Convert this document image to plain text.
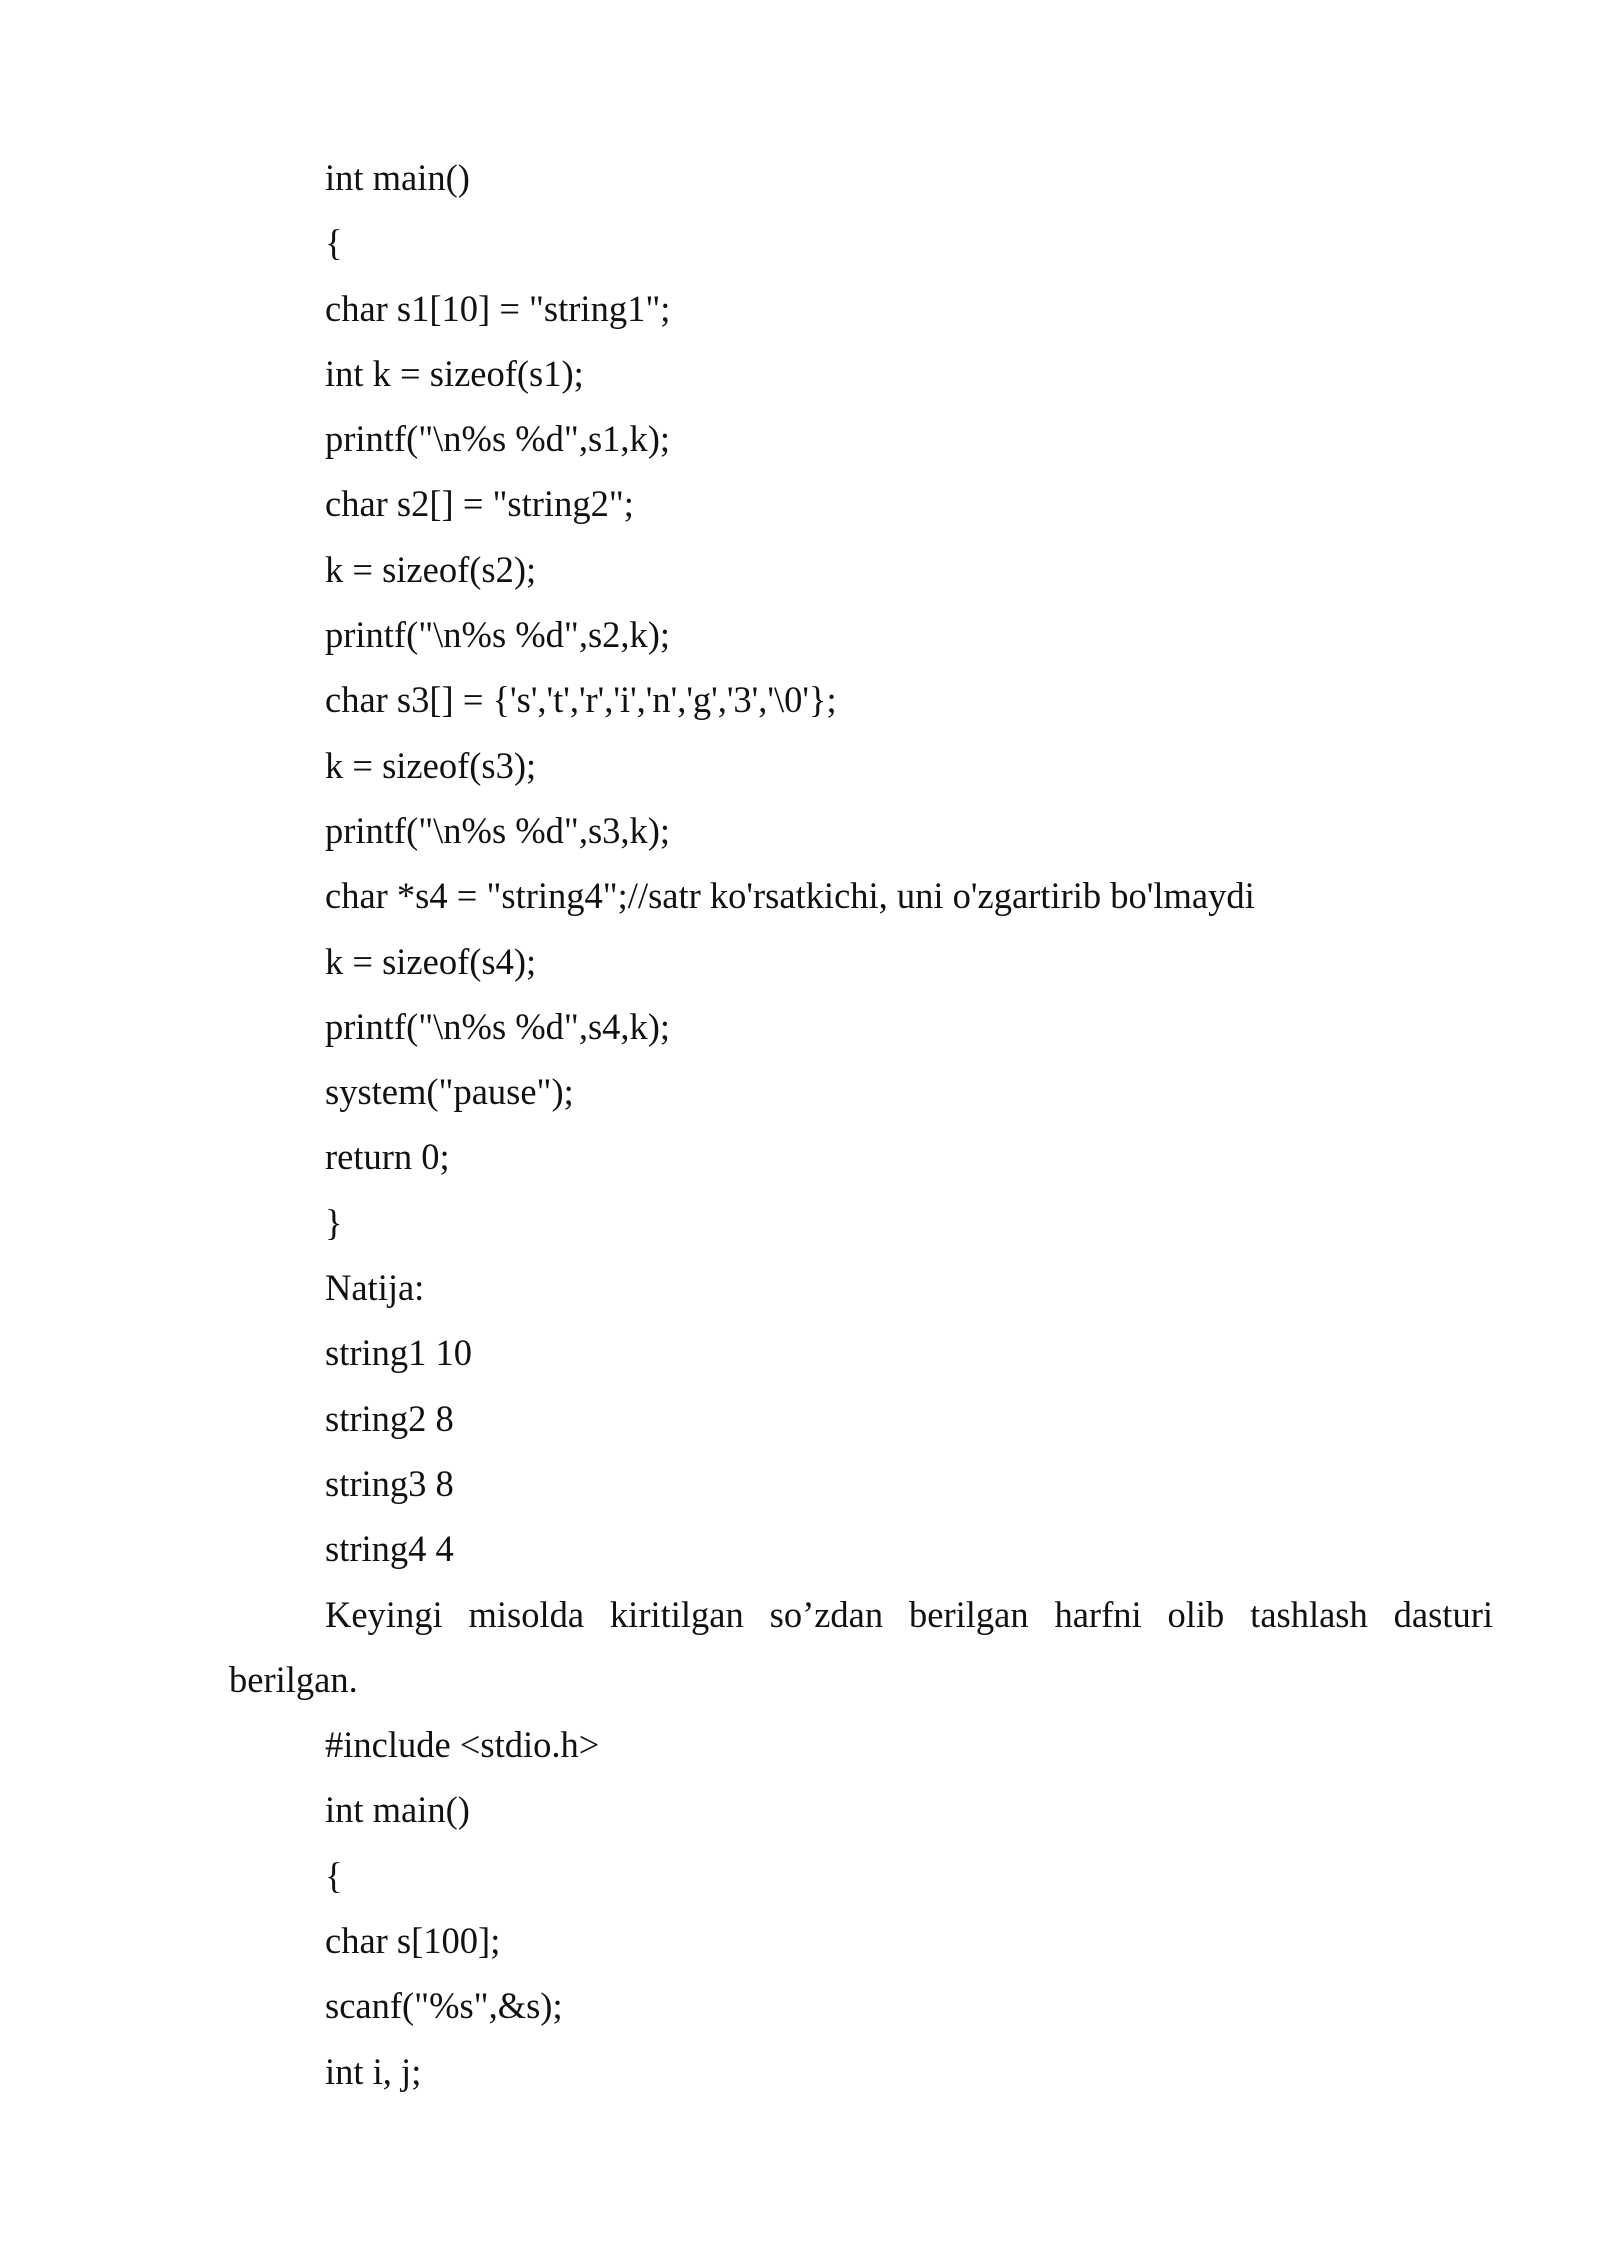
int main()
{
char s1[10] = "string1";
int k = sizeof(s1);
printf("\n%s %d",s1,k);
char s2[] = "string2";
k = sizeof(s2);
printf("\n%s %d",s2,k);
char s3[] = {'s','t','r','i','n','g','3','\0'};
k = sizeof(s3);
printf("\n%s %d",s3,k);
char *s4 = "string4";//satr ko'rsatkichi, uni o'zgartirib bo'lmaydi
k = sizeof(s4);
printf("\n%s %d",s4,k);
system("pause");
return 0;
}
Natija:
string1 10
string2 8
string3 8
string4 4
Keyingi misolda kiritilgan so’zdan berilgan harfni olib tashlash dasturi
berilgan.
#include <stdio.h>
int main()
{
char s[100];
scanf("%s",&s);
int i, j;
